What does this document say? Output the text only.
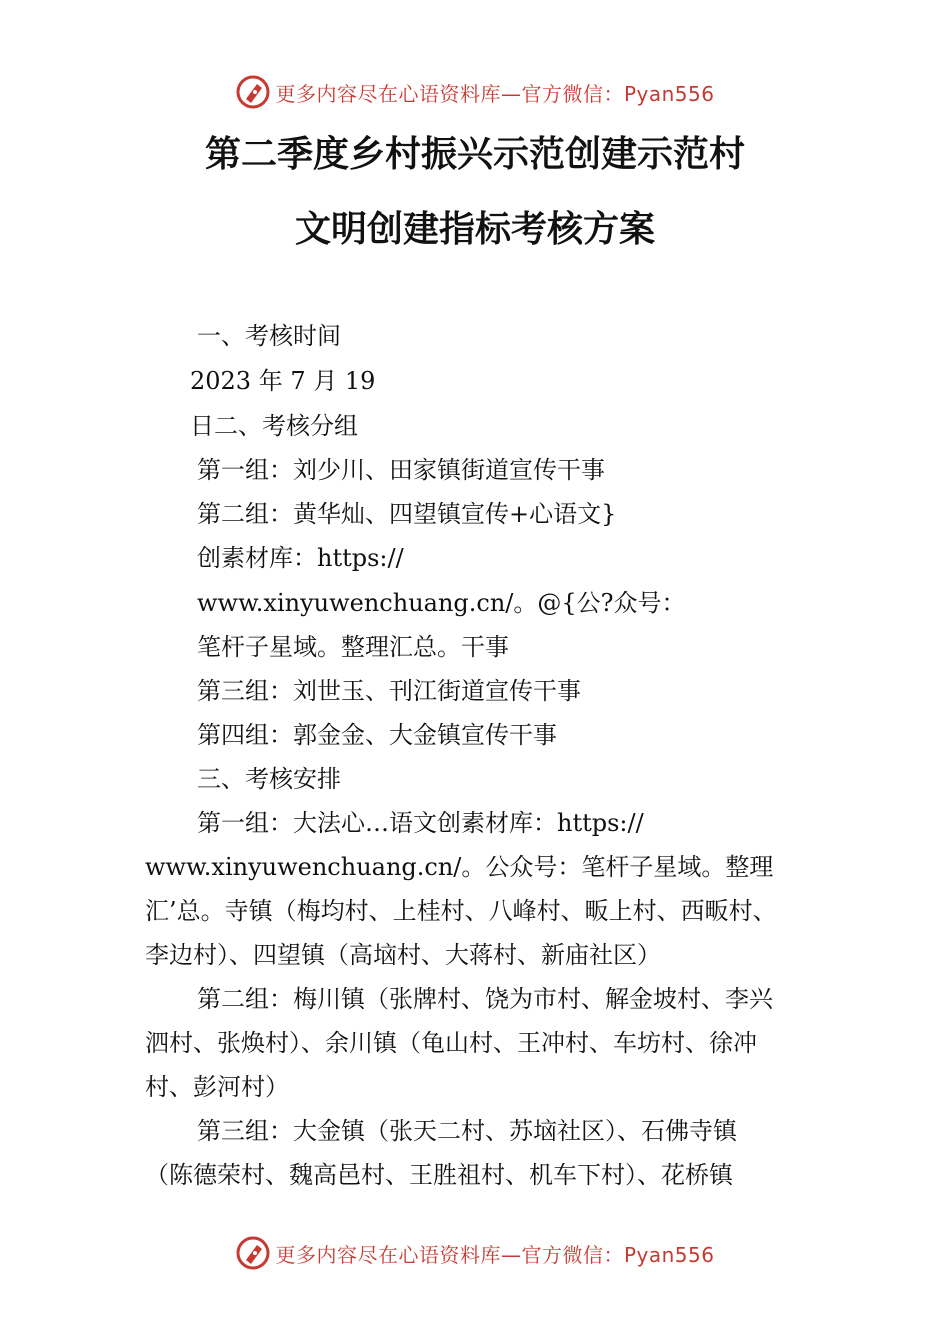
更多内容尽在心语资料库—官方微信：Pyan556
第二季度乡村振兴示范创建示范村
文明创建指标考核方案
一、考核时间
2023 年 7 月 19
日二、考核分组
第一组：刘少川、田家镇街道宣传干事
第二组：黄华灿、四望镇宣传+心语文}
创素材库：https://
www.xinyuwenchuang.cn/。@{公?众号：
笔杆子星域。整理汇总。干事
第三组：刘世玉、刊江街道宣传干事
第四组：郭金金、大金镇宣传干事
三、考核安排
第一组：大法心…语文创素材库：https://
www.xinyuwenchuang.cn/。公众号：笔杆子星域。整理
汇’总。寺镇（梅均村、上桂村、八峰村、畈上村、西畈村、
李边村）、四望镇（高垴村、大蒋村、新庙社区）
第二组：梅川镇（张牌村、饶为市村、解金坡村、李兴
泗村、张焕村）、余川镇（龟山村、王冲村、车坊村、徐冲
村、彭河村）
第三组：大金镇（张天二村、苏垴社区）、石佛寺镇
（陈德荣村、魏高邑村、王胜祖村、机车下村）、花桥镇
更多内容尽在心语资料库—官方微信：Pyan556
